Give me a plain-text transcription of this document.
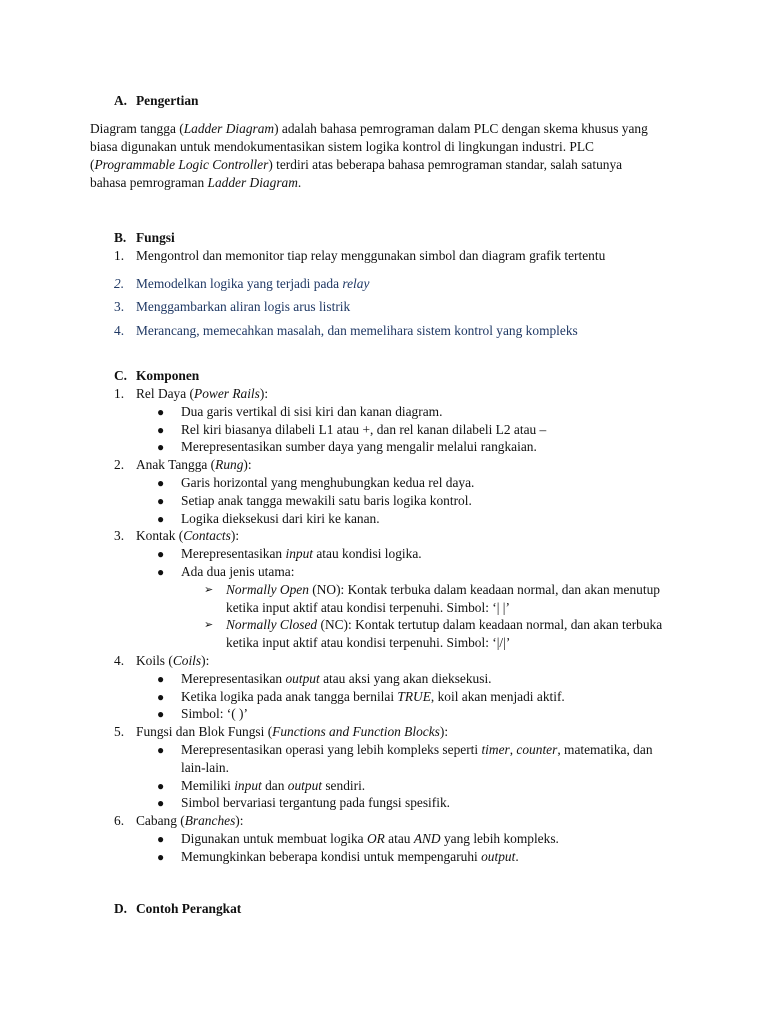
A. Pengertian
Diagram tangga (Ladder Diagram) adalah bahasa pemrograman dalam PLC dengan skema khusus yang
biasa digunakan untuk mendokumentasikan sistem logika kontrol di lingkungan industri. PLC
(Programmable Logic Controller) terdiri atas beberapa bahasa pemrograman standar, salah satunya
bahasa pemrograman Ladder Diagram.
B. Fungsi
1. Mengontrol dan memonitor tiap relay menggunakan simbol dan diagram grafik tertentu
2. Memodelkan logika yang terjadi pada relay
3. Menggambarkan aliran logis arus listrik
4. Merancang, memecahkan masalah, dan memelihara sistem kontrol yang kompleks
C. Komponen
1. Rel Daya (Power Rails):
● Dua garis vertikal di sisi kiri dan kanan diagram.
● Rel kiri biasanya dilabeli L1 atau +, dan rel kanan dilabeli L2 atau –
● Merepresentasikan sumber daya yang mengalir melalui rangkaian.
2. Anak Tangga (Rung):
● Garis horizontal yang menghubungkan kedua rel daya.
● Setiap anak tangga mewakili satu baris logika kontrol.
● Logika dieksekusi dari kiri ke kanan.
3. Kontak (Contacts):
● Merepresentasikan input atau kondisi logika.
● Ada dua jenis utama:
➢ Normally Open (NO): Kontak terbuka dalam keadaan normal, dan akan menutup
ketika input aktif atau kondisi terpenuhi. Simbol: ‘| |’
➢ Normally Closed (NC): Kontak tertutup dalam keadaan normal, dan akan terbuka
ketika input aktif atau kondisi terpenuhi. Simbol: ‘|/|’
4. Koils (Coils):
● Merepresentasikan output atau aksi yang akan dieksekusi.
● Ketika logika pada anak tangga bernilai TRUE, koil akan menjadi aktif.
● Simbol: ‘( )’
5. Fungsi dan Blok Fungsi (Functions and Function Blocks):
● Merepresentasikan operasi yang lebih kompleks seperti timer, counter, matematika, dan
lain-lain.
● Memiliki input dan output sendiri.
● Simbol bervariasi tergantung pada fungsi spesifik.
6. Cabang (Branches):
● Digunakan untuk membuat logika OR atau AND yang lebih kompleks.
● Memungkinkan beberapa kondisi untuk mempengaruhi output.
D. Contoh Perangkat
